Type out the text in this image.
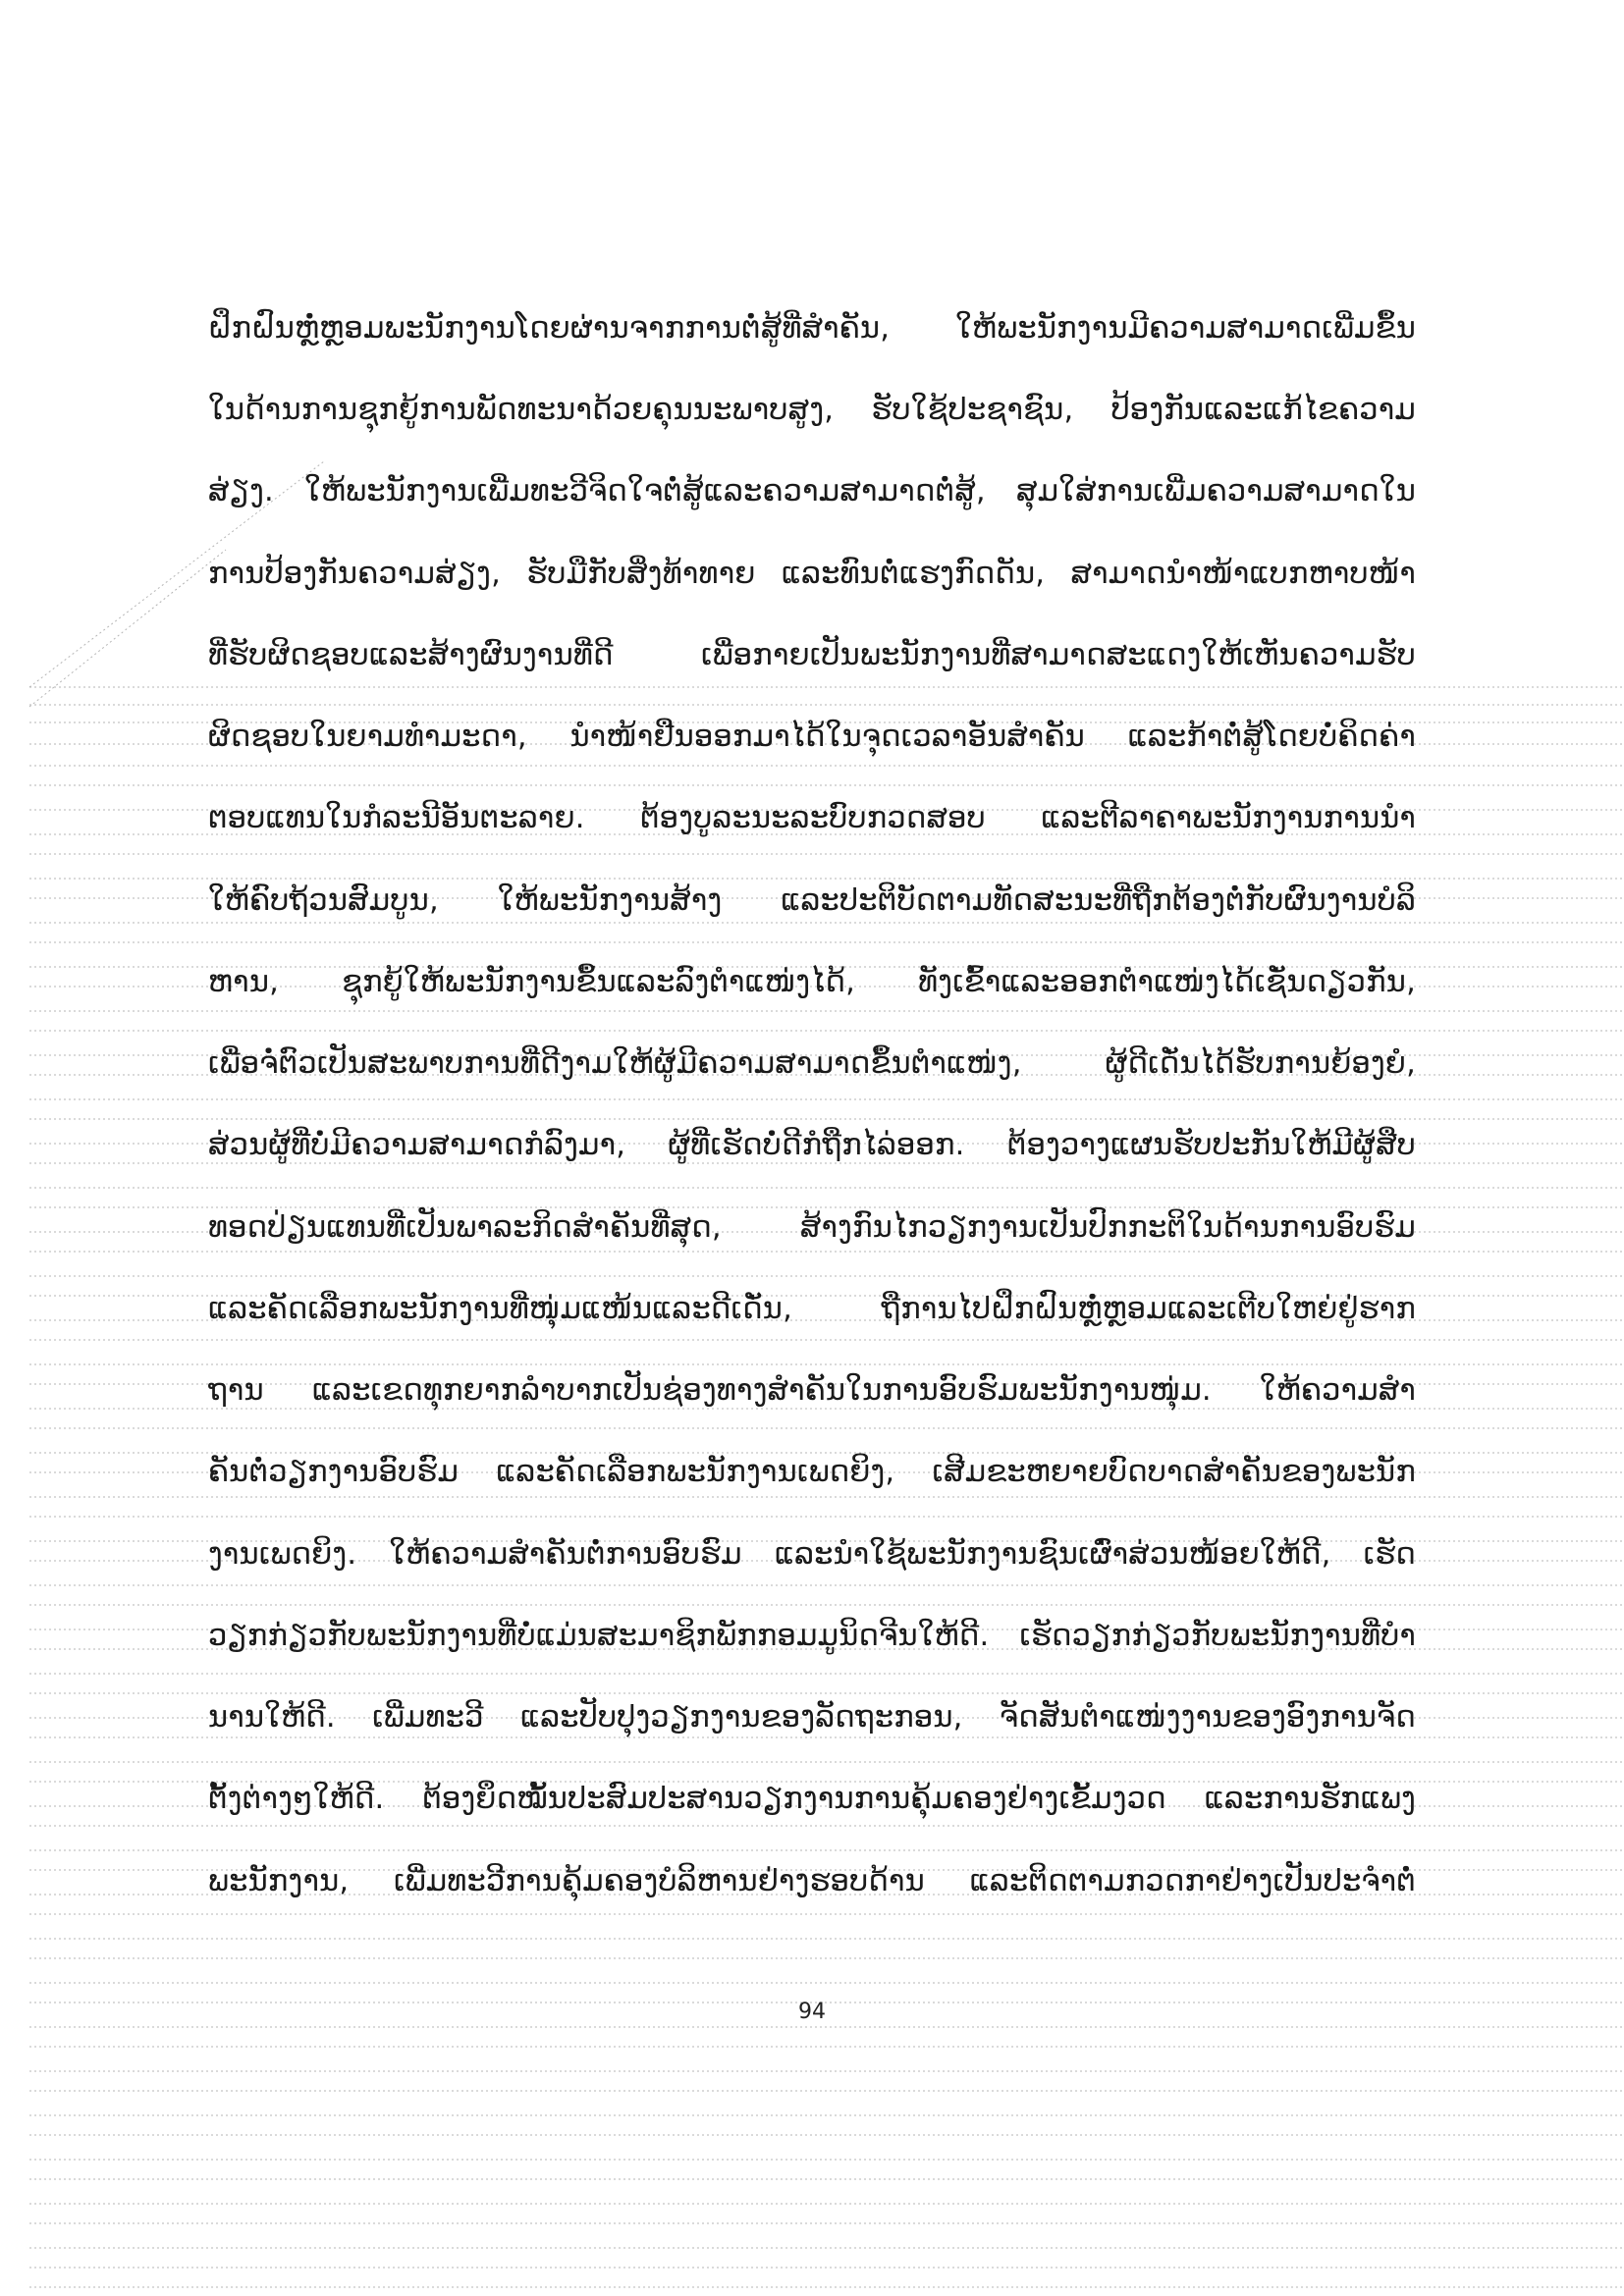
ຝຶກຝົນຫຼໍ່ຫຼອມພະນັກງານໂດຍຜ່ານຈາກການຕໍ່ສູ້ທີ່ສຳຄັນ, ໃຫ້ພະນັກງານມີຄວາມສາມາດເພີ່ມຂຶ້ນ
ໃນດ້ານການຊຸກຍູ້ການພັດທະນາດ້ວຍຄຸນນະພາບສູງ, ຮັບໃຊ້ປະຊາຊົນ, ປ້ອງກັນແລະແກ້ໄຂຄວາມ
ສ່ຽງ. ໃຫ້ພະນັກງານເພີ່ມທະວີຈິດໃຈຕໍ່ສູ້ແລະຄວາມສາມາດຕໍ່ສູ້, ສຸມໃສ່ການເພີ່ມຄວາມສາມາດໃນ
ການປ້ອງກັນຄວາມສ່ຽງ, ຮັບມືກັບສິ່ງທ້າທາຍ ແລະທົນຕໍ່ແຮງກົດດັນ, ສາມາດນຳໜ້າແບກຫາບໜ້າ
ທີ່ຮັບຜິດຊອບແລະສ້າງຜົນງານທີ່ດີ ເພື່ອກາຍເປັນພະນັກງານທີ່ສາມາດສະແດງໃຫ້ເຫັນຄວາມຮັບ
ຜິດຊອບໃນຍາມທຳມະດາ, ນຳໜ້າຢືນອອກມາໄດ້ໃນຈຸດເວລາອັນສຳຄັນ ແລະກ້າຕໍ່ສູ້ໂດຍບໍ່ຄິດຄ່າ
ຕອບແທນໃນກໍລະນີອັນຕະລາຍ. ຕ້ອງບູລະນະລະບົບກວດສອບ ແລະຕີລາຄາພະນັກງານການນຳ
ໃຫ້ຄົບຖ້ວນສົມບູນ, ໃຫ້ພະນັກງານສ້າງ ແລະປະຕິບັດຕາມທັດສະນະທີ່ຖືກຕ້ອງຕໍ່ກັບຜົນງານບໍລິ
ຫານ, ຊຸກຍູ້ໃຫ້ພະນັກງານຂຶ້ນແລະລົງຕຳແໜ່ງໄດ້, ທັງເຂົ້າແລະອອກຕຳແໜ່ງໄດ້ເຊັ່ນດຽວກັນ,
ເພື່ອຈໍ່ຕົວເປັນສະພາບການທີ່ດີງາມໃຫ້ຜູ້ມີຄວາມສາມາດຂຶ້ນຕຳແໜ່ງ, ຜູ້ດີເດັ່ນໄດ້ຮັບການຍ້ອງຍໍ,
ສ່ວນຜູ້ທີ່ບໍ່ມີຄວາມສາມາດກໍລົງມາ, ຜູ້ທີ່ເຮັດບໍ່ດີກໍຖືກໄລ່ອອກ. ຕ້ອງວາງແຜນຮັບປະກັນໃຫ້ມີຜູ້ສືບ
ທອດປ່ຽນແທນທີ່ເປັນພາລະກິດສຳຄັນທີ່ສຸດ, ສ້າງກົນໄກວຽກງານເປັນປົກກະຕິໃນດ້ານການອົບຮົມ
ແລະຄັດເລືອກພະນັກງານທີ່ໜຸ່ມແໜ້ນແລະດີເດັ່ນ, ຖືການໄປຝຶກຝົນຫຼໍ່ຫຼອມແລະເຕີບໃຫຍ່ຢູ່ຮາກ
ຖານ ແລະເຂດທຸກຍາກລຳບາກເປັນຊ່ອງທາງສຳຄັນໃນການອົບຮົມພະນັກງານໜຸ່ມ. ໃຫ້ຄວາມສຳ
ຄັນຕໍ່ວຽກງານອົບຮົມ ແລະຄັດເລືອກພະນັກງານເພດຍິງ, ເສີມຂະຫຍາຍບົດບາດສຳຄັນຂອງພະນັກ
ງານເພດຍິງ. ໃຫ້ຄວາມສຳຄັນຕໍ່ການອົບຮົມ ແລະນຳໃຊ້ພະນັກງານຊົນເຜົ່າສ່ວນໜ້ອຍໃຫ້ດີ, ເຮັດ
ວຽກກ່ຽວກັບພະນັກງານທີ່ບໍ່ແມ່ນສະມາຊິກພັກກອມມູນິດຈີນໃຫ້ດີ. ເຮັດວຽກກ່ຽວກັບພະນັກງານທີ່ບຳ
ນານໃຫ້ດີ. ເພີ່ມທະວີ ແລະປັບປຸງວຽກງານຂອງລັດຖະກອນ, ຈັດສັນຕຳແໜ່ງງານຂອງອົງການຈັດ
ຕັ້ງຕ່າງໆໃຫ້ດີ. ຕ້ອງຍຶດໝັ້ນປະສົມປະສານວຽກງານການຄຸ້ມຄອງຢ່າງເຂັ້ມງວດ ແລະການຮັກແພງ
ພະນັກງານ, ເພີ່ມທະວີການຄຸ້ມຄອງບໍລິຫານຢ່າງຮອບດ້ານ ແລະຕິດຕາມກວດກາຢ່າງເປັນປະຈຳຕໍ່
94
